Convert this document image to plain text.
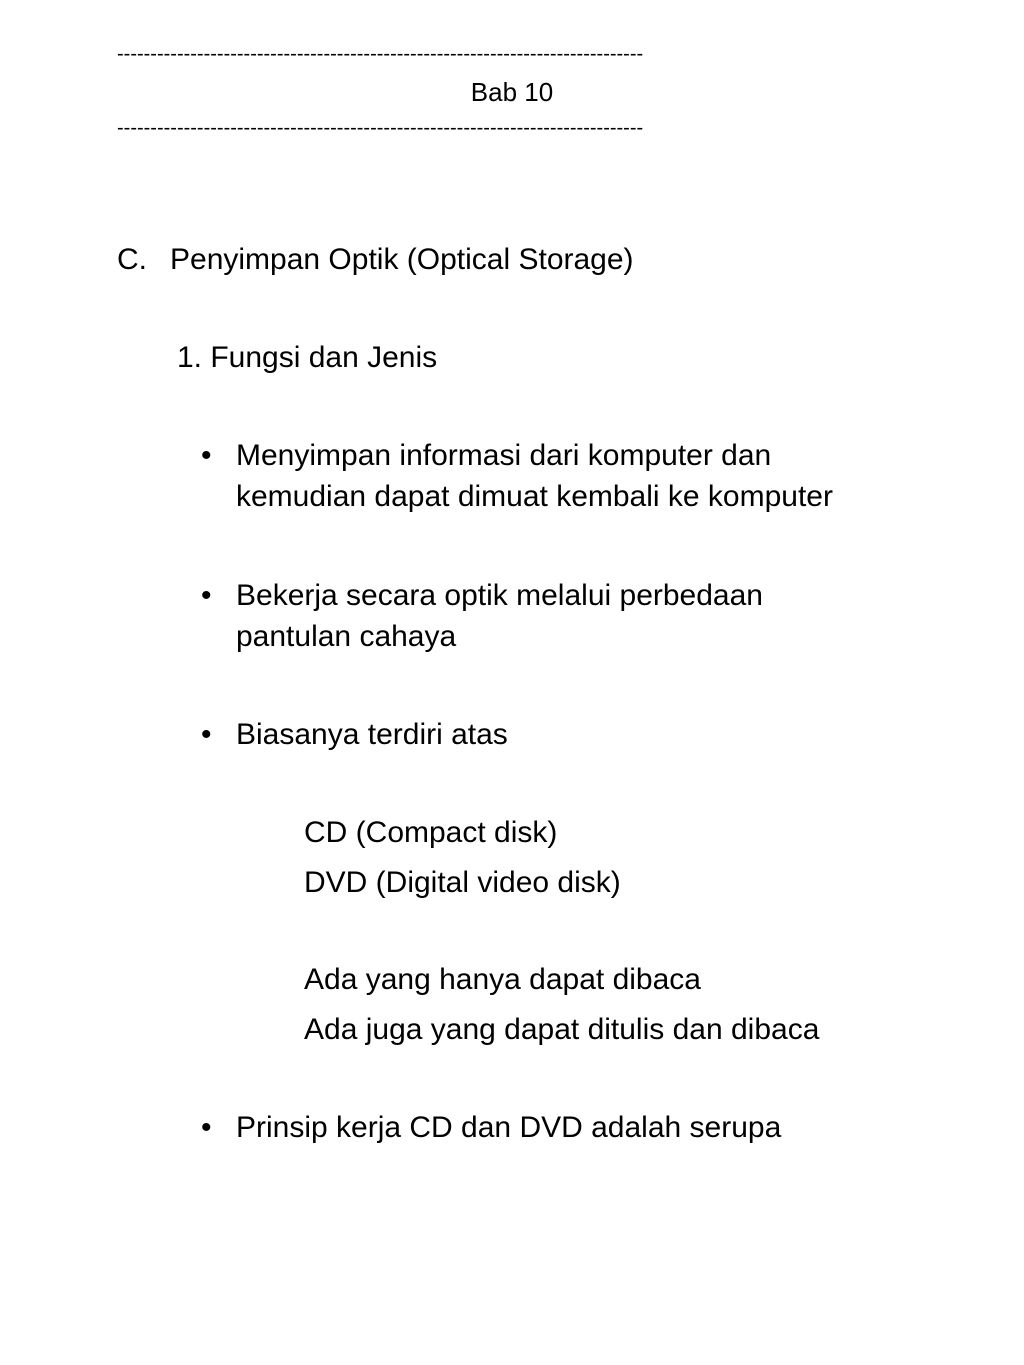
-------------------------------------------------------------------------------
Bab 10
-------------------------------------------------------------------------------
C. Penyimpan Optik (Optical Storage)
1. Fungsi dan Jenis
• Menyimpan informasi dari komputer dan
kemudian dapat dimuat kembali ke komputer
• Bekerja secara optik melalui perbedaan
pantulan cahaya
• Biasanya terdiri atas
CD (Compact disk)
DVD (Digital video disk)
Ada yang hanya dapat dibaca
Ada juga yang dapat ditulis dan dibaca
• Prinsip kerja CD dan DVD adalah serupa
